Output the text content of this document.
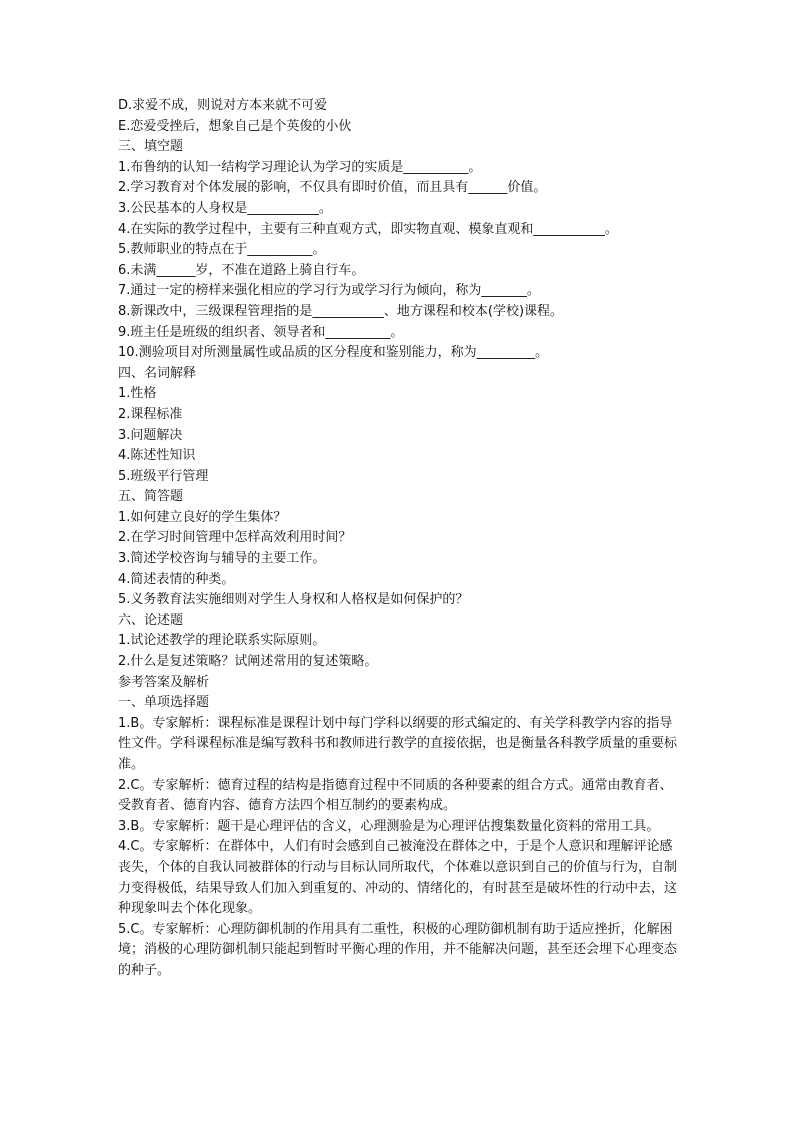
D.求爱不成，则说对方本来就不可爱
E.恋爱受挫后，想象自己是个英俊的小伙
三、填空题
1.布鲁纳的认知一结构学习理论认为学习的实质是__________。
2.学习教育对个体发展的影响，不仅具有即时价值，而且具有______价值。
3.公民基本的人身权是___________。
4.在实际的教学过程中，主要有三种直观方式，即实物直观、模象直观和___________。
5.教师职业的特点在于__________。
6.未满______岁，不准在道路上骑自行车。
7.通过一定的榜样来强化相应的学习行为或学习行为倾向，称为_______。
8.新课改中，三级课程管理指的是___________、地方课程和校本(学校)课程。
9.班主任是班级的组织者、领导者和__________。
10.测验项目对所测量属性或品质的区分程度和鉴别能力，称为_________。
四、名词解释
1.性格
2.课程标准
3.问题解决
4.陈述性知识
5.班级平行管理
五、简答题
1.如何建立良好的学生集体？
2.在学习时间管理中怎样高效利用时间？
3.简述学校咨询与辅导的主要工作。
4.简述表情的种类。
5.义务教育法实施细则对学生人身权和人格权是如何保护的？
六、论述题
1.试论述教学的理论联系实际原则。
2.什么是复述策略？试阐述常用的复述策略。
参考答案及解析
一、单项选择题
1.B。专家解析：课程标准是课程计划中每门学科以纲要的形式编定的、有关学科教学内容的指导性文件。学科课程标准是编写教科书和教师进行教学的直接依据，也是衡量各科教学质量的重要标准。
2.C。专家解析：德育过程的结构是指德育过程中不同质的各种要素的组合方式。通常由教育者、受教育者、德育内容、德育方法四个相互制约的要素构成。
3.B。专家解析：题干是心理评估的含义，心理测验是为心理评估搜集数量化资料的常用工具。
4.C。专家解析：在群体中，人们有时会感到自己被淹没在群体之中，于是个人意识和理解评论感丧失，个体的自我认同被群体的行动与目标认同所取代，个体难以意识到自己的价值与行为，自制力变得极低，结果导致人们加入到重复的、冲动的、情绪化的，有时甚至是破坏性的行动中去，这种现象叫去个体化现象。
5.C。专家解析：心理防御机制的作用具有二重性，积极的心理防御机制有助于适应挫折，化解困境；消极的心理防御机制只能起到暂时平衡心理的作用，并不能解决问题，甚至还会埋下心理变态的种子。
